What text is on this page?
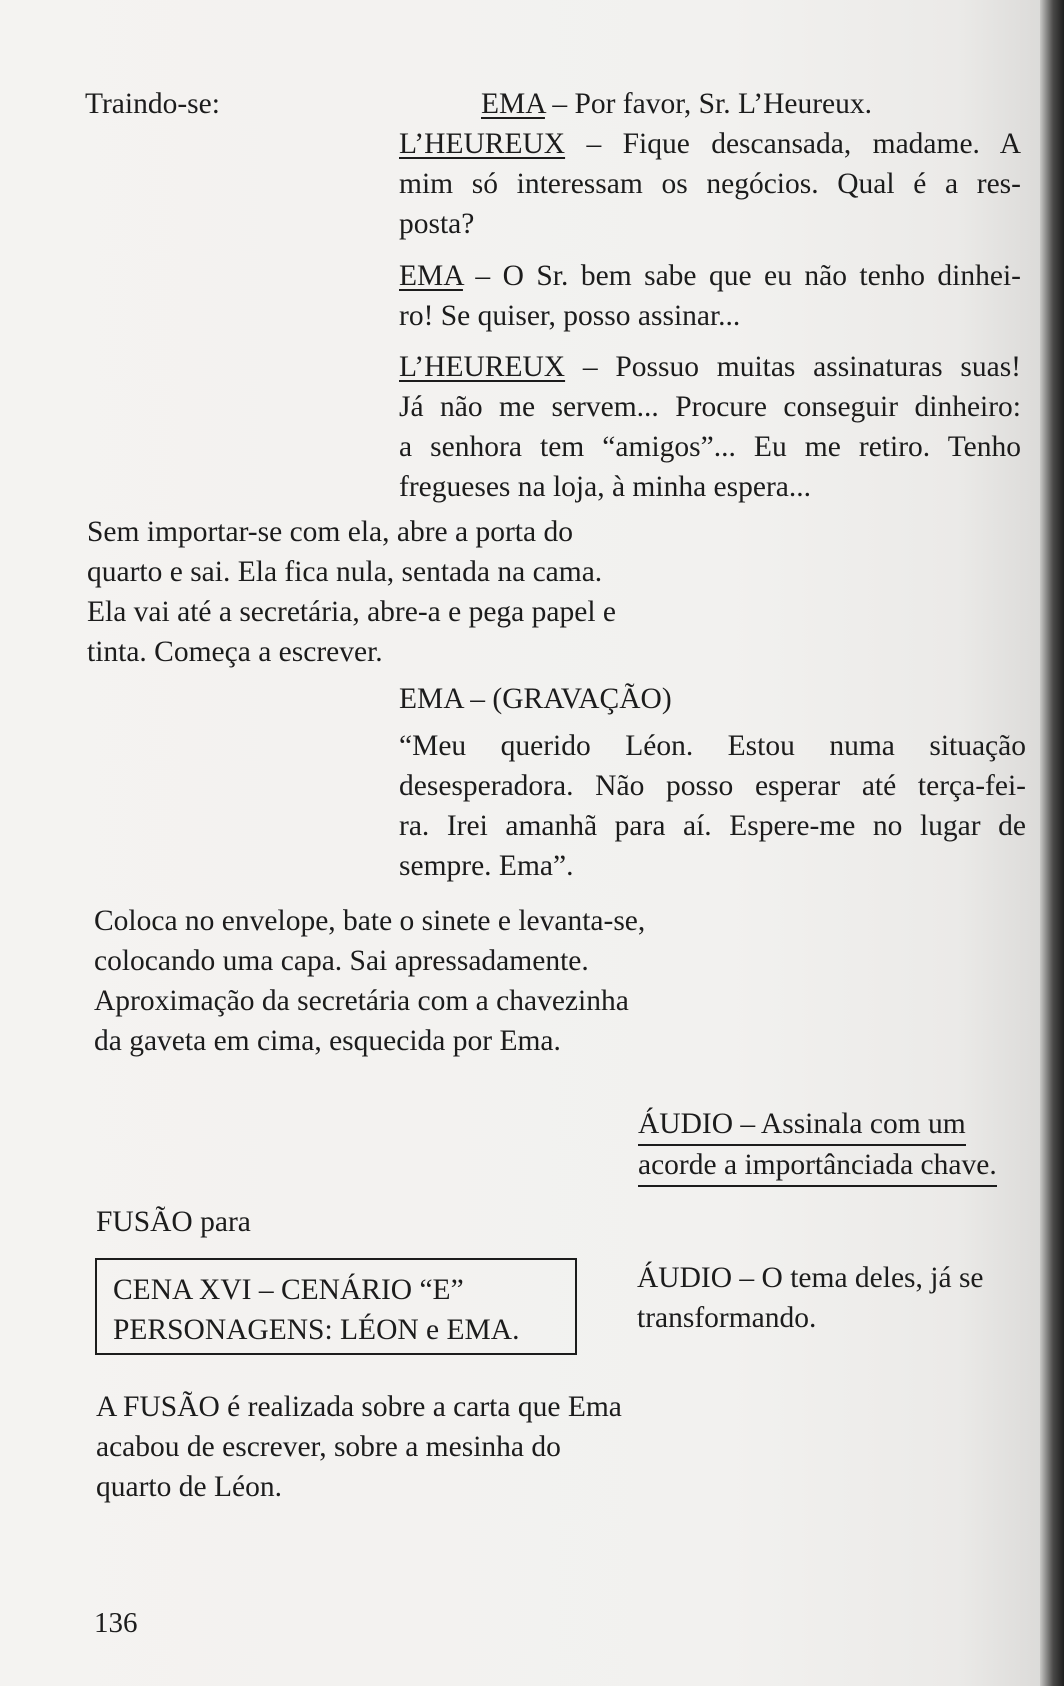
Traindo-se:	EMA – Por favor, Sr. L’Heureux.

L’HEUREUX – Fique descansada, madame. A

mim só interessam os negócios. Qual é a res-

posta?

EMA – O Sr. bem sabe que eu não tenho dinhei-

ro! Se quiser, posso assinar...

L’HEUREUX – Possuo muitas assinaturas suas!

Já não me servem... Procure conseguir dinheiro:

a senhora tem “amigos”... Eu me retiro. Tenho

fregueses na loja, à minha espera...

Sem importar-se com ela, abre a porta do

quarto e sai. Ela fica nula, sentada na cama.

Ela vai até a secretária, abre-a e pega papel e

tinta. Começa a escrever.

EMA – (GRAVAÇÃO)

“Meu querido Léon. Estou numa situação

desesperadora. Não posso esperar até terça-fei-

ra. Irei amanhã para aí. Espere-me no lugar de

sempre. Ema”.

Coloca no envelope, bate o sinete e levanta-se,

colocando uma capa. Sai apressadamente.

Aproximação da secretária com a chavezinha

da gaveta em cima, esquecida por Ema.

ÁUDIO – Assinala com um

acorde a importânciada chave.

FUSÃO para

CENA XVI – CENÁRIO “E”
PERSONAGENS: LÉON e EMA.

ÁUDIO – O tema deles, já se

transformando.

A FUSÃO é realizada sobre a carta que Ema

acabou de escrever, sobre a mesinha do

quarto de Léon.

136
